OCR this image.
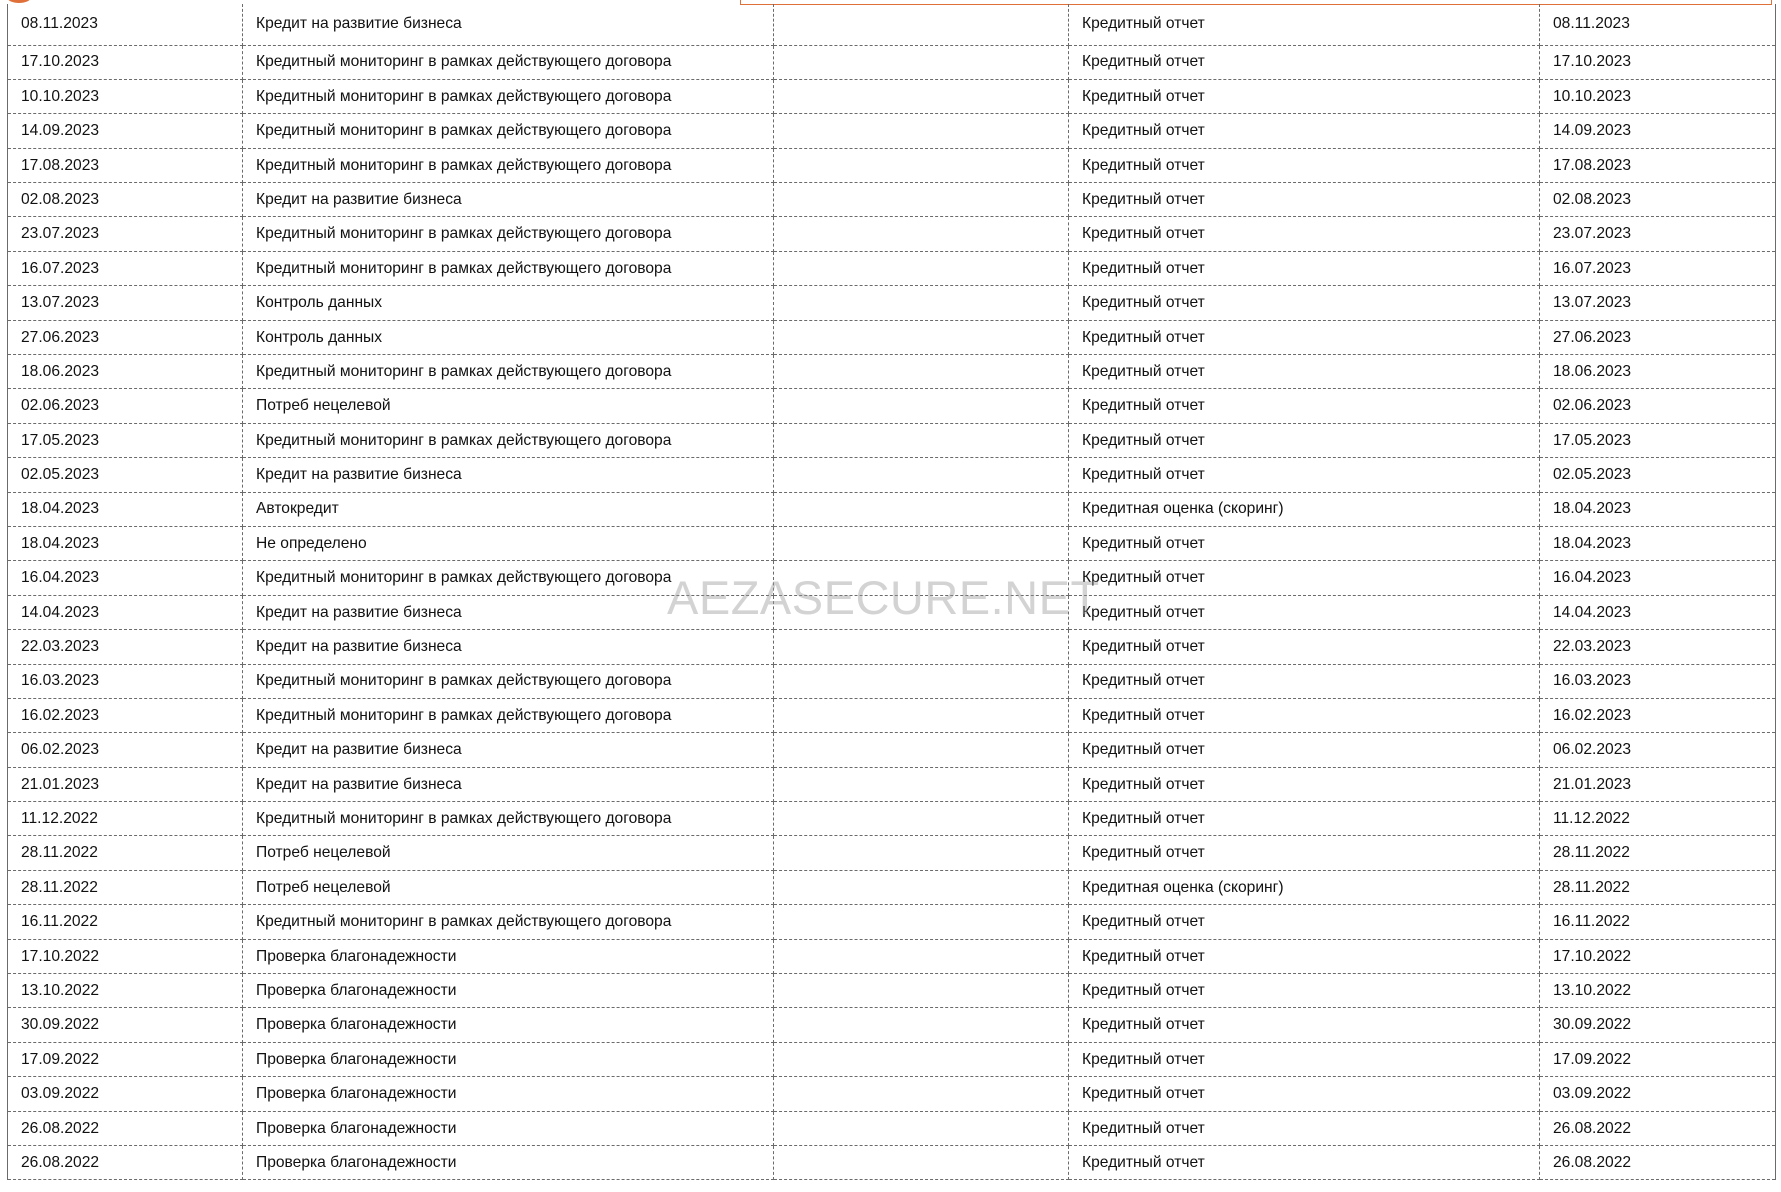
08.11.2023	Кредит на развитие бизнеса		Кредитный отчет	08.11.2023
17.10.2023	Кредитный мониторинг в рамках действующего договора		Кредитный отчет	17.10.2023
10.10.2023	Кредитный мониторинг в рамках действующего договора		Кредитный отчет	10.10.2023
14.09.2023	Кредитный мониторинг в рамках действующего договора		Кредитный отчет	14.09.2023
17.08.2023	Кредитный мониторинг в рамках действующего договора		Кредитный отчет	17.08.2023
02.08.2023	Кредит на развитие бизнеса		Кредитный отчет	02.08.2023
23.07.2023	Кредитный мониторинг в рамках действующего договора		Кредитный отчет	23.07.2023
16.07.2023	Кредитный мониторинг в рамках действующего договора		Кредитный отчет	16.07.2023
13.07.2023	Контроль данных		Кредитный отчет	13.07.2023
27.06.2023	Контроль данных		Кредитный отчет	27.06.2023
18.06.2023	Кредитный мониторинг в рамках действующего договора		Кредитный отчет	18.06.2023
02.06.2023	Потреб нецелевой		Кредитный отчет	02.06.2023
17.05.2023	Кредитный мониторинг в рамках действующего договора		Кредитный отчет	17.05.2023
02.05.2023	Кредит на развитие бизнеса		Кредитный отчет	02.05.2023
18.04.2023	Автокредит		Кредитная оценка (скоринг)	18.04.2023
18.04.2023	Не определено		Кредитный отчет	18.04.2023
16.04.2023	Кредитный мониторинг в рамках действующего договора		Кредитный отчет	16.04.2023
14.04.2023	Кредит на развитие бизнеса		Кредитный отчет	14.04.2023
22.03.2023	Кредит на развитие бизнеса		Кредитный отчет	22.03.2023
16.03.2023	Кредитный мониторинг в рамках действующего договора		Кредитный отчет	16.03.2023
16.02.2023	Кредитный мониторинг в рамках действующего договора		Кредитный отчет	16.02.2023
06.02.2023	Кредит на развитие бизнеса		Кредитный отчет	06.02.2023
21.01.2023	Кредит на развитие бизнеса		Кредитный отчет	21.01.2023
11.12.2022	Кредитный мониторинг в рамках действующего договора		Кредитный отчет	11.12.2022
28.11.2022	Потреб нецелевой		Кредитный отчет	28.11.2022
28.11.2022	Потреб нецелевой		Кредитная оценка (скоринг)	28.11.2022
16.11.2022	Кредитный мониторинг в рамках действующего договора		Кредитный отчет	16.11.2022
17.10.2022	Проверка благонадежности		Кредитный отчет	17.10.2022
13.10.2022	Проверка благонадежности		Кредитный отчет	13.10.2022
30.09.2022	Проверка благонадежности		Кредитный отчет	30.09.2022
17.09.2022	Проверка благонадежности		Кредитный отчет	17.09.2022
03.09.2022	Проверка благонадежности		Кредитный отчет	03.09.2022
26.08.2022	Проверка благонадежности		Кредитный отчет	26.08.2022
26.08.2022	Проверка благонадежности		Кредитный отчет	26.08.2022
AEZASECURE.NET
